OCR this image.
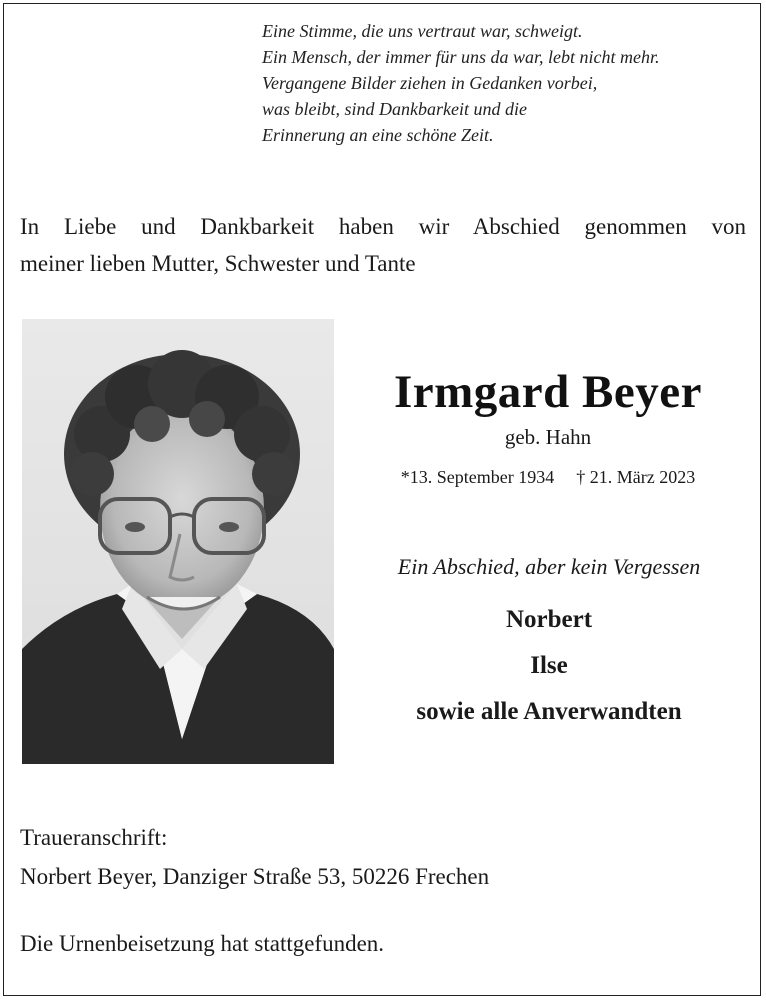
Eine Stimme, die uns vertraut war, schweigt.
Ein Mensch, der immer für uns da war, lebt nicht mehr.
Vergangene Bilder ziehen in Gedanken vorbei,
was bleibt, sind Dankbarkeit und die
Erinnerung an eine schöne Zeit.
In Liebe und Dankbarkeit haben wir Abschied genommen von
meiner lieben Mutter, Schwester und Tante
Irmgard Beyer
geb. Hahn
*13. September 1934 † 21. März 2023
Ein Abschied, aber kein Vergessen
Norbert
Ilse
sowie alle Anverwandten
Traueranschrift:
Norbert Beyer, Danziger Straße 53, 50226 Frechen
Die Urnenbeisetzung hat stattgefunden.
